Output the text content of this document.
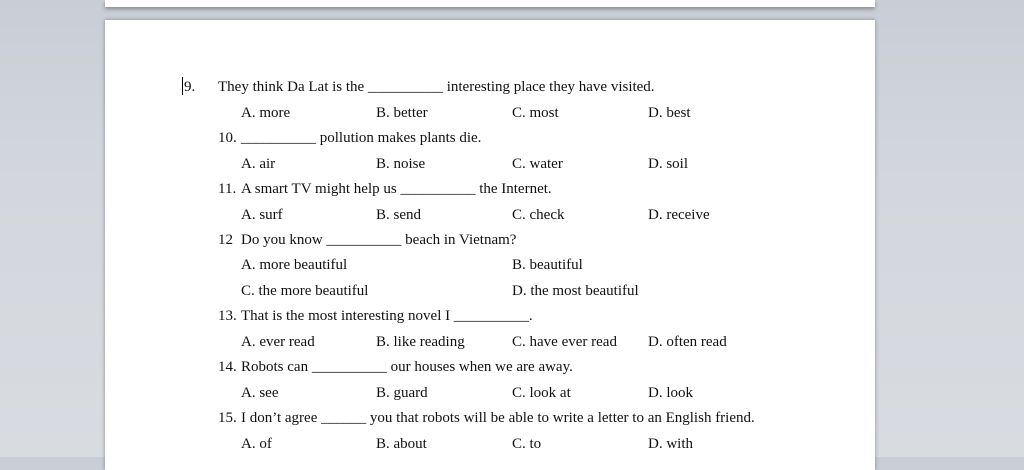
9. They think Da Lat is the __________ interesting place they have visited.
A. more	B. better	C. most	D. best
10. __________ pollution makes plants die.
A. air	B. noise	C. water	D. soil
11. A smart TV might help us __________ the Internet.
A. surf	B. send	C. check	D. receive
12 Do you know __________ beach in Vietnam?
A. more beautiful	B. beautiful
C. the more beautiful	D. the most beautiful
13. That is the most interesting novel I __________.
A. ever read	B. like reading	C. have ever read D. often read
14. Robots can __________ our houses when we are away.
A. see	B. guard	C. look at	D. look
15. I don’t agree ______ you that robots will be able to write a letter to an English friend.
A. of	B. about	C. to	D. with
